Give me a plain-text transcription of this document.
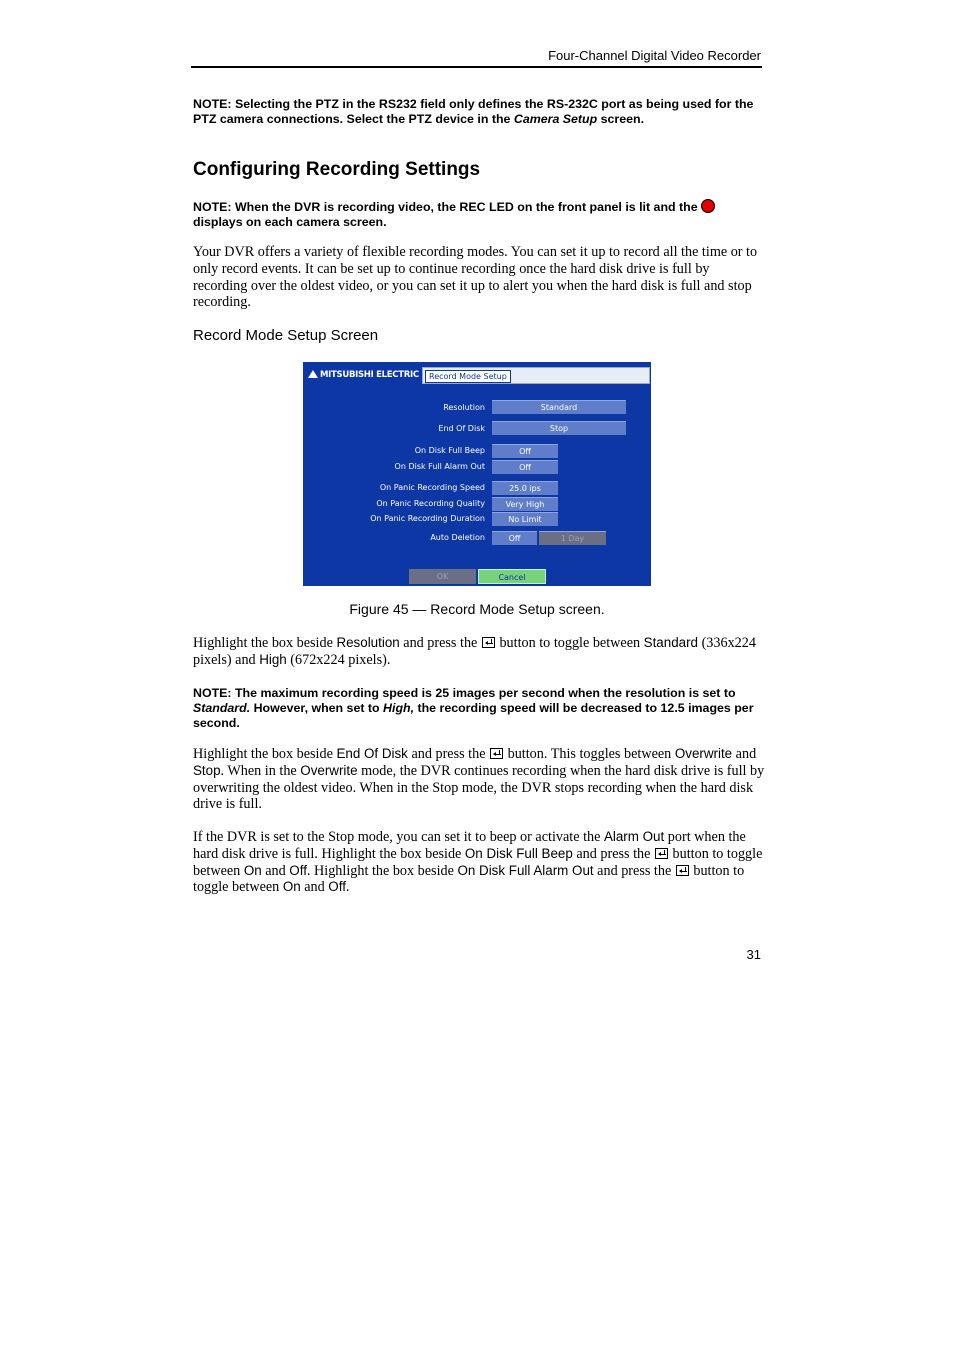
Four-Channel Digital Video Recorder
NOTE: Selecting the PTZ in the RS232 field only defines the RS-232C port as being used for the PTZ camera connections. Select the PTZ device in the Camera Setup screen.
Configuring Recording Settings
NOTE: When the DVR is recording video, the REC LED on the front panel is lit and the
displays on each camera screen.
Your DVR offers a variety of flexible recording modes. You can set it up to record all the time or to only record events. It can be set up to continue recording once the hard disk drive is full by recording over the oldest video, or you can set it up to alert you when the hard disk is full and stop recording.
Record Mode Setup Screen
MITSUBISHI ELECTRIC	Record Mode Setup
Resolution	Standard
End Of Disk	Stop
On Disk Full Beep	Off
On Disk Full Alarm Out	Off
On Panic Recording Speed	25.0 ips
On Panic Recording Quality	Very High
On Panic Recording Duration	No Limit
Auto Deletion	Off	1 Day
OK	Cancel
Figure 45 — Record Mode Setup screen.
Highlight the box beside Resolution and press the
button to toggle between Standard (336x224 pixels) and High (672x224 pixels).
NOTE: The maximum recording speed is 25 images per second when the resolution is set to Standard. However, when set to High, the recording speed will be decreased to 12.5 images per second.
Highlight the box beside End Of Disk and press the
button. This toggles between Overwrite and Stop. When in the Overwrite mode, the DVR continues recording when the hard disk drive is full by overwriting the oldest video. When in the Stop mode, the DVR stops recording when the hard disk drive is full.
If the DVR is set to the Stop mode, you can set it to beep or activate the Alarm Out port when the hard disk drive is full. Highlight the box beside On Disk Full Beep and press the
button to toggle between On and Off. Highlight the box beside On Disk Full Alarm Out and press the
button to toggle between On and Off.
31
